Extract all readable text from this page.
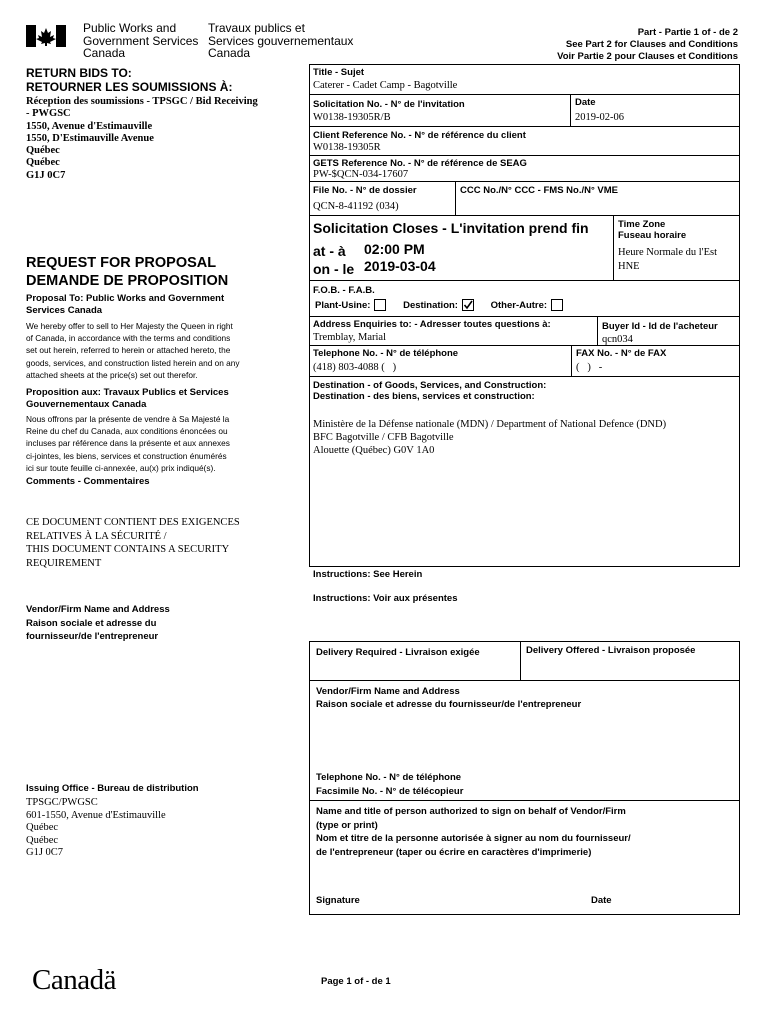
Public Works and
Government Services
Canada
Travaux publics et
Services gouvernementaux
Canada
Part - Partie 1 of - de 2
See Part 2 for Clauses and Conditions
Voir Partie 2 pour Clauses et Conditions
RETURN BIDS TO:
RETOURNER LES SOUMISSIONS À:
Réception des soumissions - TPSGC / Bid Receiving
- PWGSC
1550, Avenue d'Estimauville
1550, D'Estimauville Avenue
Québec
Québec
G1J 0C7
REQUEST FOR PROPOSAL
DEMANDE DE PROPOSITION
Proposal To: Public Works and Government
Services Canada
We hereby offer to sell to Her Majesty the Queen in right
of Canada, in accordance with the terms and conditions
set out herein, referred to herein or attached hereto, the
goods, services, and construction listed herein and on any
attached sheets at the price(s) set out therefor.
Proposition aux: Travaux Publics et Services
Gouvernementaux Canada
Nous offrons par la présente de vendre à Sa Majesté la
Reine du chef du Canada, aux conditions énoncées ou
incluses par référence dans la présente et aux annexes
ci-jointes, les biens, services et construction énumérés
ici sur toute feuille ci-annexée, au(x) prix indiqué(s).
Comments - Commentaires
CE DOCUMENT CONTIENT DES EXIGENCES
RELATIVES À LA SÉCURITÉ /
THIS DOCUMENT CONTAINS A SECURITY
REQUIREMENT
Vendor/Firm Name and Address
Raison sociale et adresse du
fournisseur/de l'entrepreneur
Issuing Office - Bureau de distribution
TPSGC/PWGSC
601-1550, Avenue d'Estimauville
Québec
Québec
G1J 0C7
Title - Sujet
Caterer - Cadet Camp - Bagotville
Solicitation No. - N° de l'invitation
W0138-19305R/B
Date
2019-02-06
Client Reference No. - N° de référence du client
W0138-19305R
GETS Reference No. - N° de référence de SEAG
PW-$QCN-034-17607
File No. - N° de dossier
QCN-8-41192 (034)
CCC No./N° CCC - FMS No./N° VME
Solicitation Closes - L'invitation prend fin
at - à 02:00 PM
on - le 2019-03-04
Time Zone
Fuseau horaire
Heure Normale du l'Est
HNE
F.O.B. - F.A.B.
Plant-Usine:	Destination:	Other-Autre:
Address Enquiries to: - Adresser toutes questions à:
Tremblay, Marial
Buyer Id - Id de l'acheteur
qcn034
Telephone No. - N° de téléphone
(418) 803-4088 (   )
FAX No. - N° de FAX
(   )   -
Destination - of Goods, Services, and Construction:
Destination - des biens, services et construction:
Ministère de la Défense nationale (MDN) / Department of National Defence (DND)
BFC Bagotville / CFB Bagotville
Alouette (Québec) G0V 1A0
Instructions: See Herein
Instructions: Voir aux présentes
Delivery Required - Livraison exigée	Delivery Offered - Livraison proposée
Vendor/Firm Name and Address
Raison sociale et adresse du fournisseur/de l'entrepreneur
Telephone No. - N° de téléphone
Facsimile No. - N° de télécopieur
Name and title of person authorized to sign on behalf of Vendor/Firm
(type or print)
Nom et titre de la personne autorisée à signer au nom du fournisseur/
de l'entrepreneur (taper ou écrire en caractères d'imprimerie)
Signature	Date
Canadä	Page 1 of - de 1
